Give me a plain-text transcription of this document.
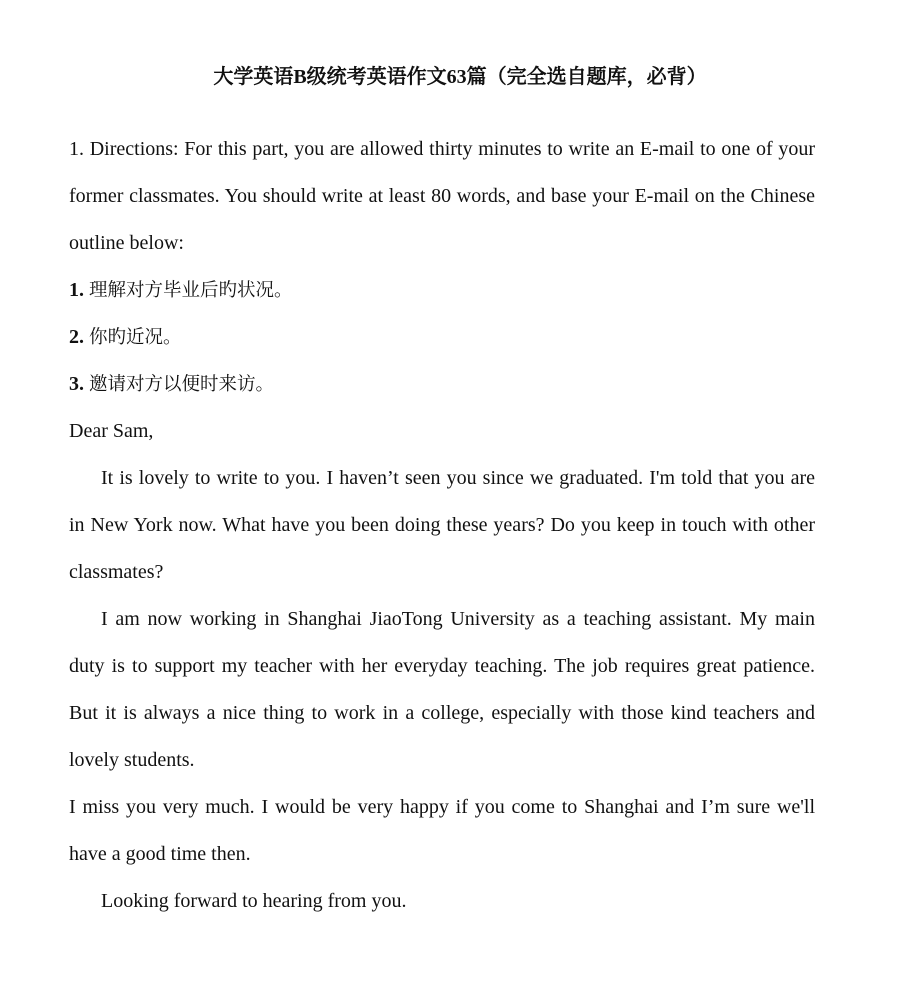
大学英语B级统考英语作文63篇（完全选自题库，必背）
1. Directions: For this part, you are allowed thirty minutes to write an E-mail to one of your former classmates. You should write at least 80 words, and base your E-mail on the Chinese outline below:
1. 理解对方毕业后旳状况。
2. 你旳近况。
3. 邀请对方以便时来访。
Dear Sam,
It is lovely to write to you. I haven’t seen you since we graduated. I'm told that you are in New York now. What have you been doing these years? Do you keep in touch with other classmates?
I am now working in Shanghai JiaoTong University as a teaching assistant. My main duty is to support my teacher with her everyday teaching. The job requires great patience. But it is always a nice thing to work in a college, especially with those kind teachers and lovely students.
I miss you very much. I would be very happy if you come to Shanghai and I’m sure we'll have a good time then.
Looking forward to hearing from you.
